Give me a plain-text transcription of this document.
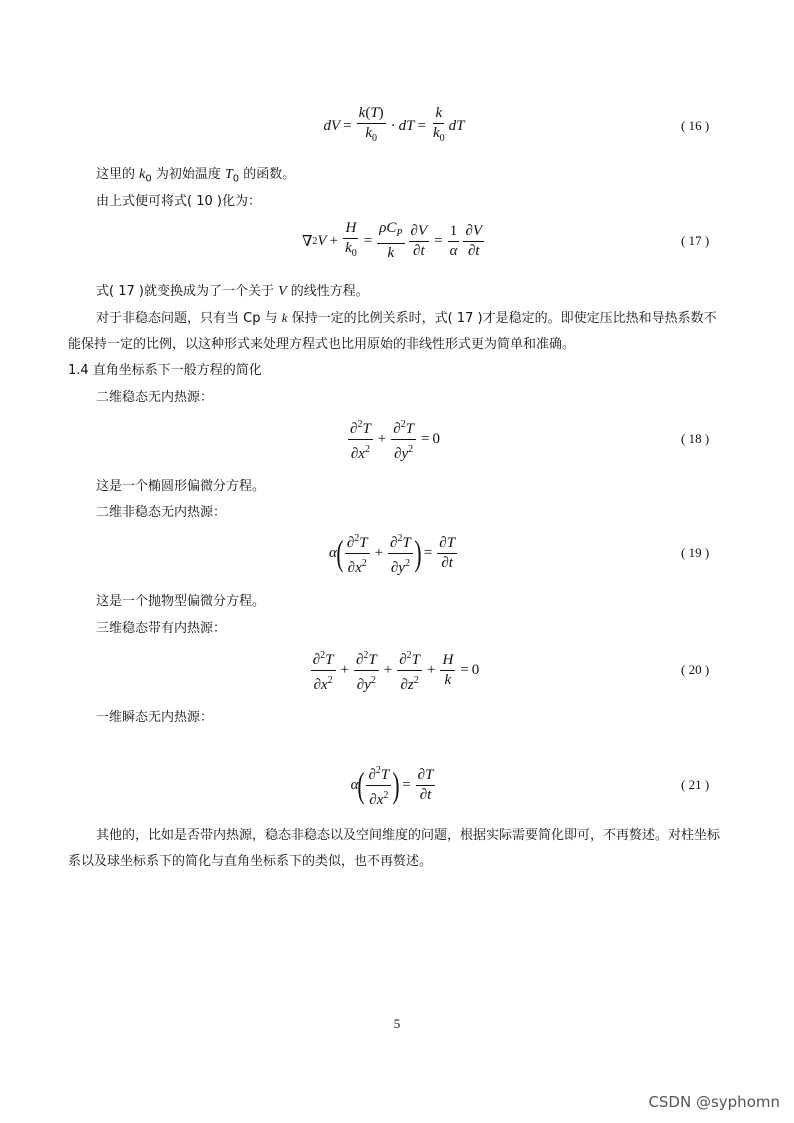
dV = $\frac{k(T)}{k_0}$ · dT = $\frac{k}{k_0}$ dT	( 16 )
这里的 $k_0$ 为初始温度 $T_0$ 的函数。
由上式便可将式( 10 )化为：
∇ 2 $V + \frac{H}{k_0} = \frac{\rho C_P}{k} \frac{\partial V}{\partial t} = \frac{1}{\alpha} \frac{\partial V}{\partial t}$	( 17 )
式( 17 )就变换成为了一个关于 V 的线性方程。
对于非稳态问题，只有当 Cp 与 k 保持一定的比例关系时，式( 17 )才是稳定的。即使定压比热和导热系数不能保持一定的比例，以这种形式来处理方程式也比用原始的非线性形式更为简单和准确。
1.4 直角坐标系下一般方程的简化
二维稳态无内热源：
$\frac{\partial^2T}{\partial x^2} + \frac{\partial^2T}{\partial y^2} = 0$	( 18 )
这是一个椭圆形偏微分方程。
二维非稳态无内热源：
α ( $\frac{\partial^2T}{\partial x^2} + \frac{\partial^2T}{\partial y^2}$ ) = $\frac{\partial T}{\partial t}$	( 19 )
这是一个抛物型偏微分方程。
三维稳态带有内热源：
$\frac{\partial^2T}{\partial x^2} + \frac{\partial^2T}{\partial y^2} + \frac{\partial^2T}{\partial z^2} + \frac{H}{k} = 0$	( 20 )
一维瞬态无内热源：
α ( $\frac{\partial^2T}{\partial x^2}$ ) = $\frac{\partial T}{\partial t}$	( 21 )
其他的，比如是否带内热源，稳态非稳态以及空间维度的问题，根据实际需要简化即可，不再赘述。对柱坐标系以及球坐标系下的简化与直角坐标系下的类似，也不再赘述。
5
CSDN @syphomn
